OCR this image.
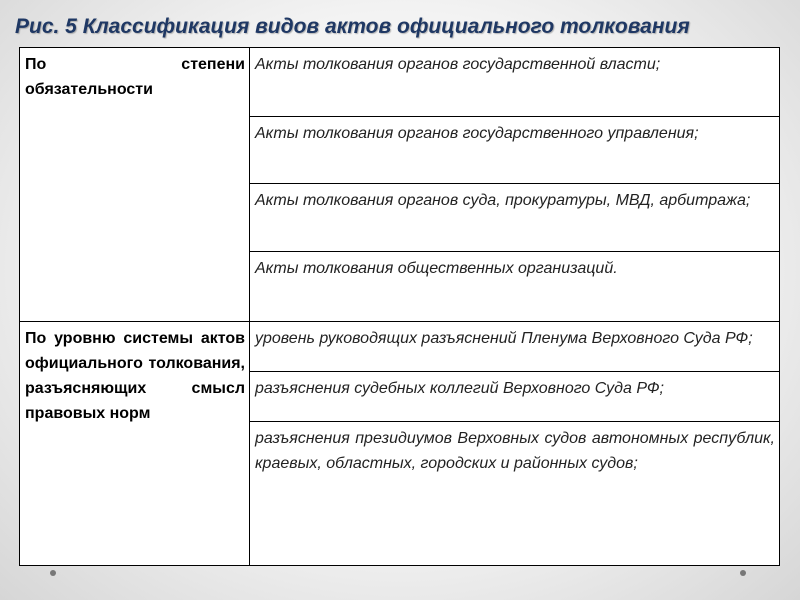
Рис. 5 Классификация видов актов официального толкования
По степени обязательности	Акты толкования органов государственной власти;
	Акты толкования органов государственного управления;
	Акты толкования органов суда, прокуратуры, МВД, арбитража;
	Акты толкования общественных организаций.
По уровню системы актов официального толкования, разъясняющих смысл правовых норм	уровень руководящих разъяснений Пленума Верховного Суда РФ;
	разъяснения судебных коллегий Верховного Суда РФ;
	разъяснения президиумов Верховных судов автономных республик, краевых, областных, городских и районных судов;
